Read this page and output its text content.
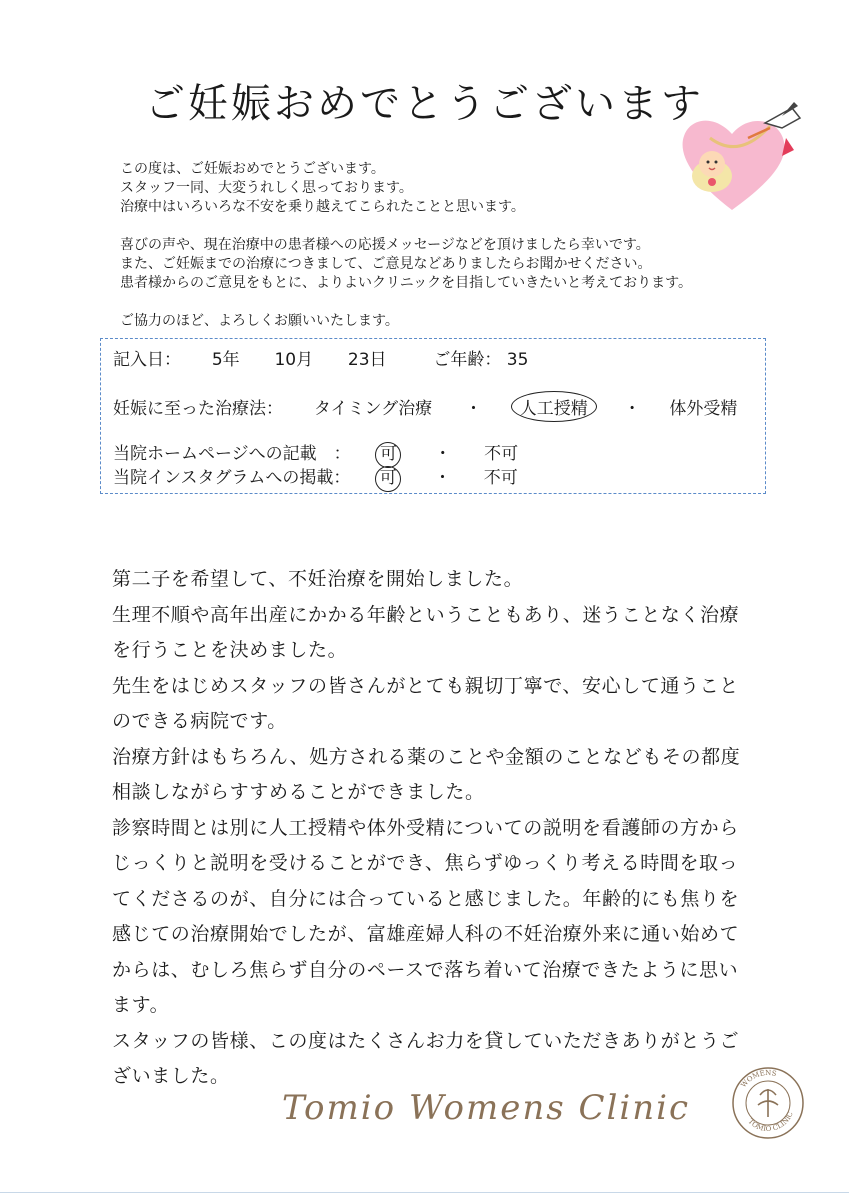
ご妊娠おめでとうございます

この度は、ご妊娠おめでとうございます。

スタッフ一同、大変うれしく思っております。

治療中はいろいろな不安を乗り越えてこられたことと思います。

喜びの声や、現在治療中の患者様への応援メッセージなどを頂けましたら幸いです。

また、ご妊娠までの治療につきまして、ご意見などありましたらお聞かせください。

患者様からのご意見をもとに、よりよいクリニックを目指していきたいと考えております。

ご協力のほど、よろしくお願いいたします。

記入日： 5年 10月 23日	ご年齢： 35
妊娠に至った治療法： タイミング治療 ・ 人工授精 ・ 体外受精
当院ホームページへの記載　： 可 ・ 不可
当院インスタグラムへの掲載： 可 ・ 不可

第二子を希望して、不妊治療を開始しました。

生理不順や高年出産にかかる年齢ということもあり、迷うことなく治療

を行うことを決めました。

先生をはじめスタッフの皆さんがとても親切丁寧で、安心して通うこと

のできる病院です。

治療方針はもちろん、処方される薬のことや金額のことなどもその都度

相談しながらすすめることができました。

診察時間とは別に人工授精や体外受精についての説明を看護師の方から

じっくりと説明を受けることができ、焦らずゆっくり考える時間を取っ

てくださるのが、自分には合っていると感じました。年齢的にも焦りを

感じての治療開始でしたが、富雄産婦人科の不妊治療外来に通い始めて

からは、むしろ焦らず自分のペースで落ち着いて治療できたように思い

ます。

スタッフの皆様、この度はたくさんお力を貸していただきありがとうご

ざいました。

Tomio Womens Clinic
WOMENS
TOMIO CLINIC
